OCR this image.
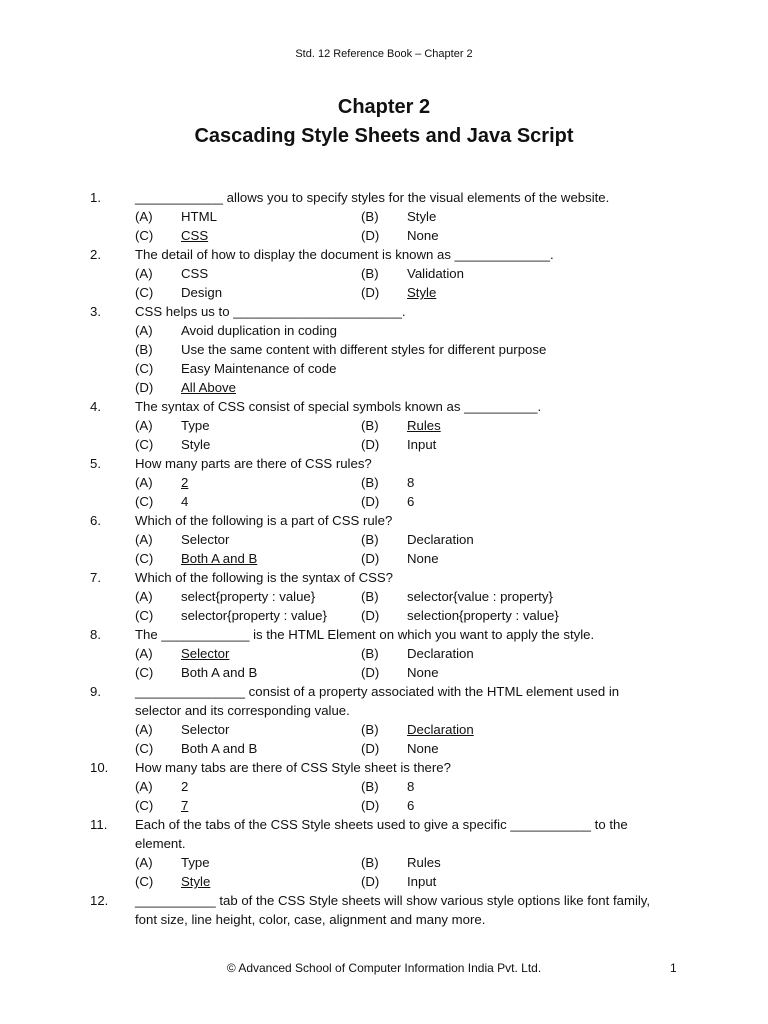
Std. 12 Reference Book – Chapter 2
Chapter 2
Cascading Style Sheets and Java Script
1.	____________ allows you to specify styles for the visual elements of the website.
(A) HTML	(B) Style
(C) CSS	(D) None
2.	The detail of how to display the document is known as _____________.
(A) CSS	(B) Validation
(C) Design	(D) Style
3.	CSS helps us to _______________________.
(A) Avoid duplication in coding
(B) Use the same content with different styles for different purpose
(C) Easy Maintenance of code
(D) All Above
4.	The syntax of CSS consist of special symbols known as __________.
(A) Type	(B) Rules
(C) Style	(D) Input
5.	How many parts are there of CSS rules?
(A) 2	(B) 8
(C) 4	(D) 6
6.	Which of the following is a part of CSS rule?
(A) Selector	(B) Declaration
(C) Both A and B	(D) None
7.	Which of the following is the syntax of CSS?
(A) select{property : value}	(B) selector{value : property}
(C) selector{property : value}	(D) selection{property : value}
8.	The ____________ is the HTML Element on which you want to apply the style.
(A) Selector	(B) Declaration
(C) Both A and B	(D) None
9.	_______________ consist of a property associated with the HTML element used in
selector and its corresponding value.
(A) Selector	(B) Declaration
(C) Both A and B	(D) None
10. How many tabs are there of CSS Style sheet is there?
(A) 2	(B) 8
(C) 7	(D) 6
11. Each of the tabs of the CSS Style sheets used to give a specific ___________ to the
element.
(A) Type	(B) Rules
(C) Style	(D) Input
12. ___________ tab of the CSS Style sheets will show various style options like font family,
font size, line height, color, case, alignment and many more.
© Advanced School of Computer Information India Pvt. Ltd.	1
